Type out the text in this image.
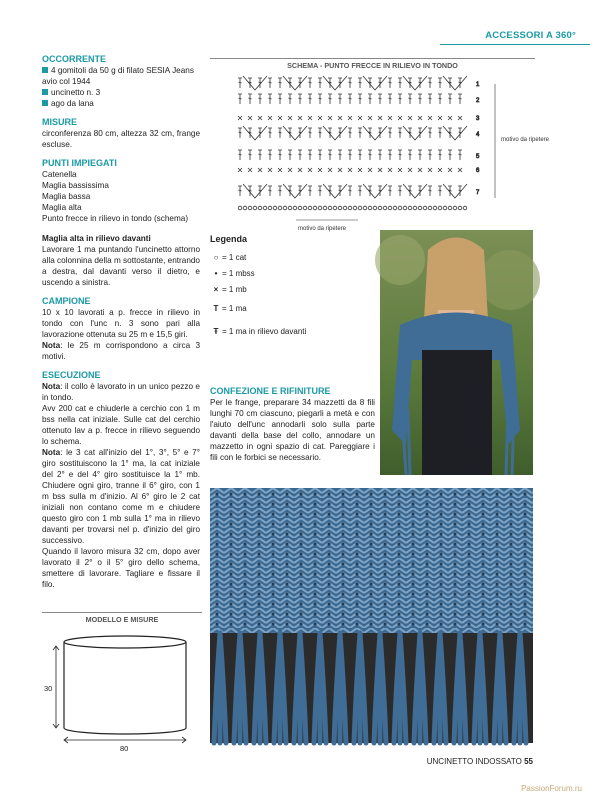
ACCESSORI A 360°
OCCORRENTE
4 gomitoli da 50 g di filato SESIA Jeans avio col 1944
uncinetto n. 3
ago da lana
MISURE

circonferenza 80 cm, altezza 32 cm, frange escluse.

PUNTI IMPIEGATI
Catenella
Maglia bassissima
Maglia bassa
Maglia alta
Punto frecce in rilievo in tondo (schema)
Maglia alta in rilievo davanti

Lavorare 1 ma puntando l'uncinetto attorno alla colonnina della m sottostante, entrando a destra, dal davanti verso il dietro, e uscendo a sinistra.

CAMPIONE

10 x 10 lavorati a p. frecce in rilievo in tondo con l'unc n. 3 sono pari alla lavorazione ottenuta su 25 m e 15,5 giri.

Nota: le 25 m corrispondono a circa 3 motivi.

ESECUZIONE

Nota: il collo è lavorato in un unico pezzo e in tondo.

Avv 200 cat e chiuderle a cerchio con 1 m bss nella cat iniziale. Sulle cat del cerchio ottenuto lav a p. frecce in rilievo seguendo lo schema.

Nota: le 3 cat all'inizio del 1°, 3°, 5° e 7° giro sostituiscono la 1° ma, la cat iniziale del 2° e del 4° giro sostituisce la 1° mb. Chiudere ogni giro, tranne il 6° giro, con 1 m bss sulla m d'inizio. Al 6° giro le 2 cat iniziali non contano come m e chiudere questo giro con 1 mb sulla 1° ma in rilievo davanti per trovarsi nel p. d'inizio del giro successivo.

Quando il lavoro misura 32 cm, dopo aver lavorato il 2° o il 5° giro dello schema, smettere di lavorare. Tagliare e fissare il filo.

SCHEMA - PUNTO FRECCE IN RILIEVO IN TONDO
7
6
5
4
3
2
1
motivo da ripetere
motivo da ripetere
Legenda
○ = 1 cat
• = 1 mbss
× = 1 mb
T = 1 ma
Ŧ = 1 ma in rilievo davanti
CONFEZIONE E RIFINITURE

Per le frange, preparare 34 mazzetti da 8 fili lunghi 70 cm ciascuno, piegarli a metà e con l'aiuto dell'unc annodarli solo sulla parte davanti della base del collo, annodare un mazzetto in ogni spazio di cat. Pareggiare i fili con le forbici se necessario.

MODELLO E MISURE
30
80
UNCINETTO INDOSSATO 55
PassionForum.ru
